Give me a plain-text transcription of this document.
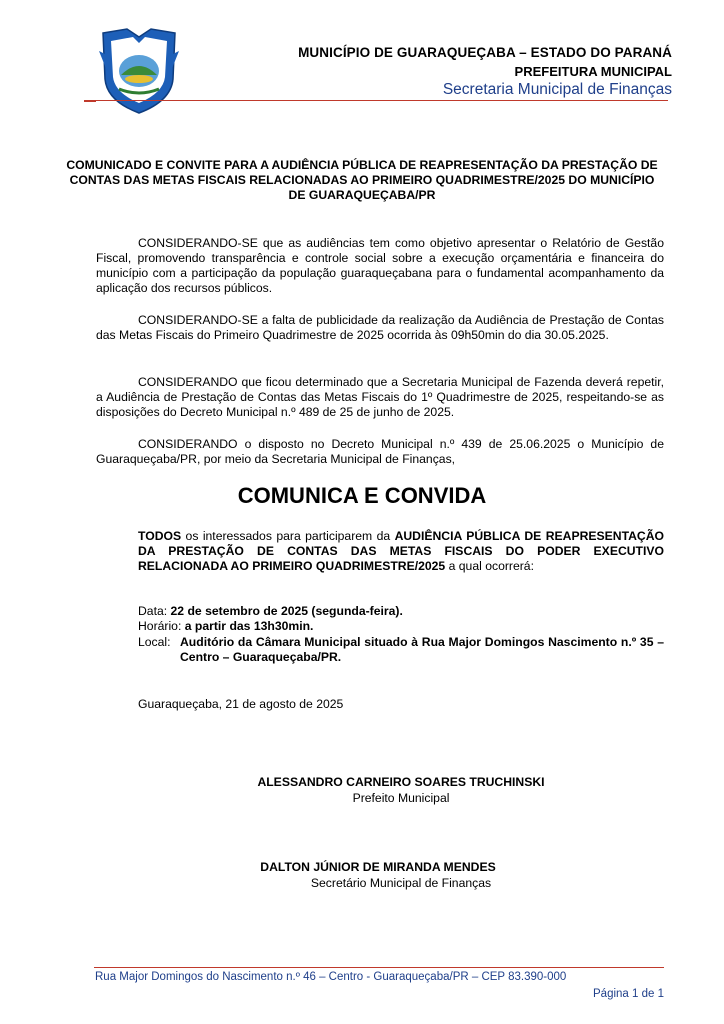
MUNICÍPIO DE GUARAQUEÇABA – ESTADO DO PARANÁ
PREFEITURA MUNICIPAL
Secretaria Municipal de Finanças
COMUNICADO E CONVITE PARA A AUDIÊNCIA PÚBLICA DE REAPRESENTAÇÃO DA PRESTAÇÃO DE CONTAS DAS METAS FISCAIS RELACIONADAS AO PRIMEIRO QUADRIMESTRE/2025 DO MUNICÍPIO DE GUARAQUEÇABA/PR

CONSIDERANDO-SE que as audiências tem como objetivo apresentar o Relatório de Gestão Fiscal, promovendo transparência e controle social sobre a execução orçamentária e financeira do município com a participação da população guaraqueçabana para o fundamental acompanhamento da aplicação dos recursos públicos.

CONSIDERANDO-SE a falta de publicidade da realização da Audiência de Prestação de Contas das Metas Fiscais do Primeiro Quadrimestre de 2025 ocorrida às 09h50min do dia 30.05.2025.

CONSIDERANDO que ficou determinado que a Secretaria Municipal de Fazenda deverá repetir, a Audiência de Prestação de Contas das Metas Fiscais do 1º Quadrimestre de 2025, respeitando-se as disposições do Decreto Municipal n.º 489 de 25 de junho de 2025.

CONSIDERANDO o disposto no Decreto Municipal n.º 439 de 25.06.2025 o Município de Guaraqueçaba/PR, por meio da Secretaria Municipal de Finanças,

COMUNICA E CONVIDA

TODOS os interessados para participarem da AUDIÊNCIA PÚBLICA DE REAPRESENTAÇÃO DA PRESTAÇÃO DE CONTAS DAS METAS FISCAIS DO PODER EXECUTIVO RELACIONADA AO PRIMEIRO QUADRIMESTRE/2025 a qual ocorrerá:

Data: 22 de setembro de 2025 (segunda-feira).
Horário: a partir das 13h30min.
Local: Auditório da Câmara Municipal situado à Rua Major Domingos Nascimento n.º 35 – Centro – Guaraqueçaba/PR.
Guaraqueçaba, 21 de agosto de 2025
ALESSANDRO CARNEIRO SOARES TRUCHINSKI
Prefeito Municipal
DALTON JÚNIOR DE MIRANDA MENDES
Secretário Municipal de Finanças
Rua Major Domingos do Nascimento n.º 46 – Centro - Guaraqueçaba/PR – CEP 83.390-000
Página 1 de 1
